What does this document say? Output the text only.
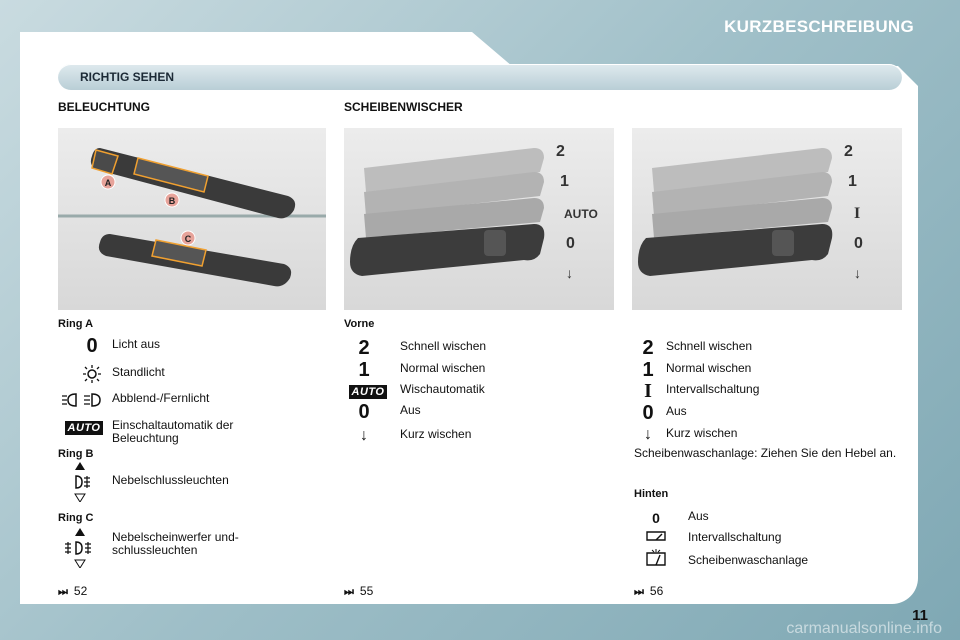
KURZBESCHREIBUNG
RICHTIG SEHEN
BELEUCHTUNG
A
B
C
Ring A
0 Licht aus
Standlicht
Abblend-/Fernlicht
AUTO Einschaltautomatik der Beleuchtung
Ring B
Nebelschlussleuchten
Ring C
Nebelscheinwerfer und-schlussleuchten
⏭ 52
SCHEIBENWISCHER
2
1
AUTO
0
↓
2
1
I
0
↓
Vorne
2	Schnell wischen
1	Normal wischen
AUTO Wischautomatik
0	Aus
↓	Kurz wischen
⏭ 55
2 Schnell wischen
1 Normal wischen
I Intervallschaltung
0 Aus
↓ Kurz wischen
Scheibenwaschanlage: Ziehen Sie den Hebel an.
Hinten
0 Aus
Intervallschaltung
Scheibenwaschanlage
⏭ 56
11
carmanualsonline.info
